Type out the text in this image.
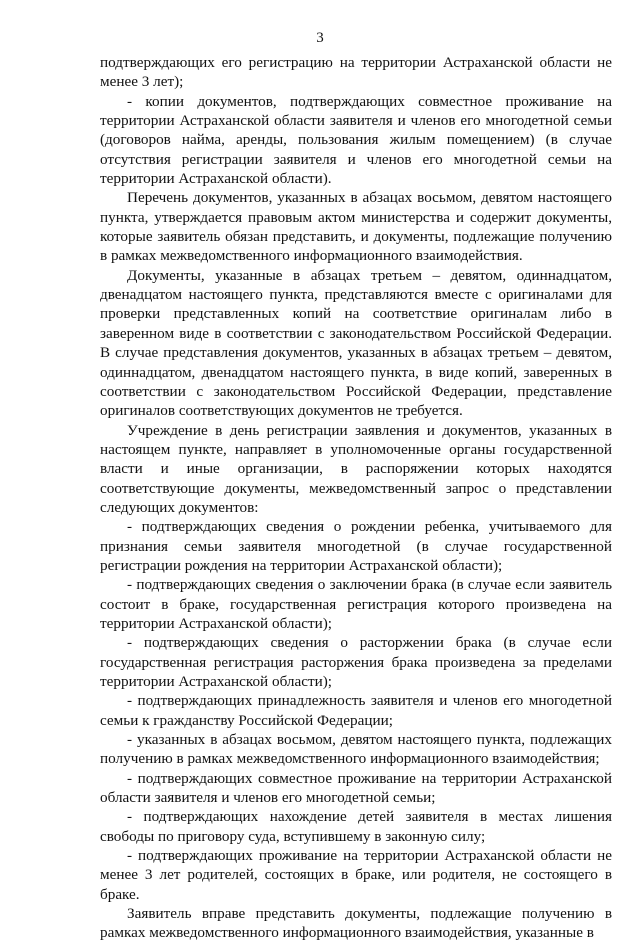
3

подтверждающих его регистрацию на территории Астраханской области не менее 3 лет);

- копии документов, подтверждающих совместное проживание на территории Астраханской области заявителя и членов его многодетной семьи (договоров найма, аренды, пользования жилым помещением) (в случае отсутствия регистрации заявителя и членов его многодетной семьи на территории Астраханской области).

Перечень документов, указанных в абзацах восьмом, девятом настоящего пункта, утверждается правовым актом министерства и содержит документы, которые заявитель обязан представить, и документы, подлежащие получению в рамках межведомственного информационного взаимодействия.

Документы, указанные в абзацах третьем – девятом, одиннадцатом, двенадцатом настоящего пункта, представляются вместе с оригиналами для проверки представленных копий на соответствие оригиналам либо в заверенном виде в соответствии с законодательством Российской Федерации. В случае представления документов, указанных в абзацах третьем – девятом, одиннадцатом, двенадцатом настоящего пункта, в виде копий, заверенных в соответствии с законодательством Российской Федерации, представление оригиналов соответствующих документов не требуется.

Учреждение в день регистрации заявления и документов, указанных в настоящем пункте, направляет в уполномоченные органы государственной власти и иные организации, в распоряжении которых находятся соответствующие документы, межведомственный запрос о представлении следующих документов:

- подтверждающих сведения о рождении ребенка, учитываемого для признания семьи заявителя многодетной (в случае государственной регистрации рождения на территории Астраханской области);

- подтверждающих сведения о заключении брака (в случае если заявитель состоит в браке, государственная регистрация которого произведена на территории Астраханской области);

- подтверждающих сведения о расторжении брака (в случае если государственная регистрация расторжения брака произведена за пределами территории Астраханской области);

- подтверждающих принадлежность заявителя и членов его многодетной семьи к гражданству Российской Федерации;

- указанных в абзацах восьмом, девятом настоящего пункта, подлежащих получению в рамках межведомственного информационного взаимодействия;

- подтверждающих совместное проживание на территории Астраханской области заявителя и членов его многодетной семьи;

- подтверждающих нахождение детей заявителя в местах лишения свободы по приговору суда, вступившему в законную силу;

- подтверждающих проживание на территории Астраханской области не менее 3 лет родителей, состоящих в браке, или родителя, не состоящего в браке.

Заявитель вправе представить документы, подлежащие получению в рамках межведомственного информационного взаимодействия, указанные в
